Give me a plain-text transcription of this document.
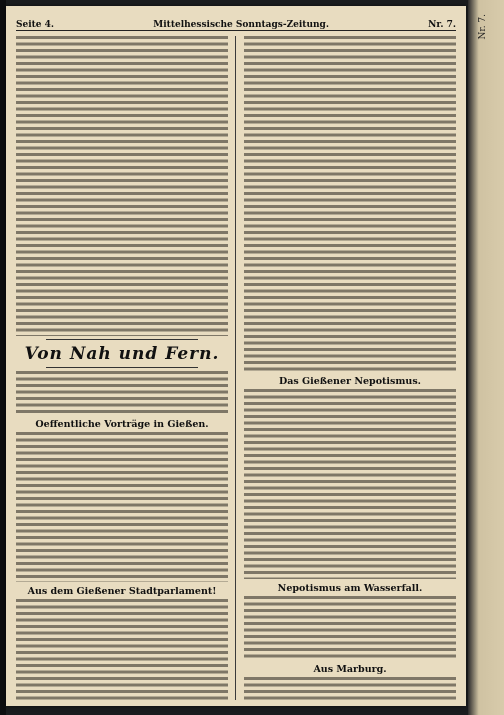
Seite 4.	Mittelhessische Sonntags-Zeitung.	Nr. 7.
Von Nah und Fern.
Oeffentliche Vorträge in Gießen.
Aus dem Gießener Stadtparlament!
Das Gießener Nepotismus.
Nepotismus am Wasserfall.
Aus Marburg.
Nr. 7.
